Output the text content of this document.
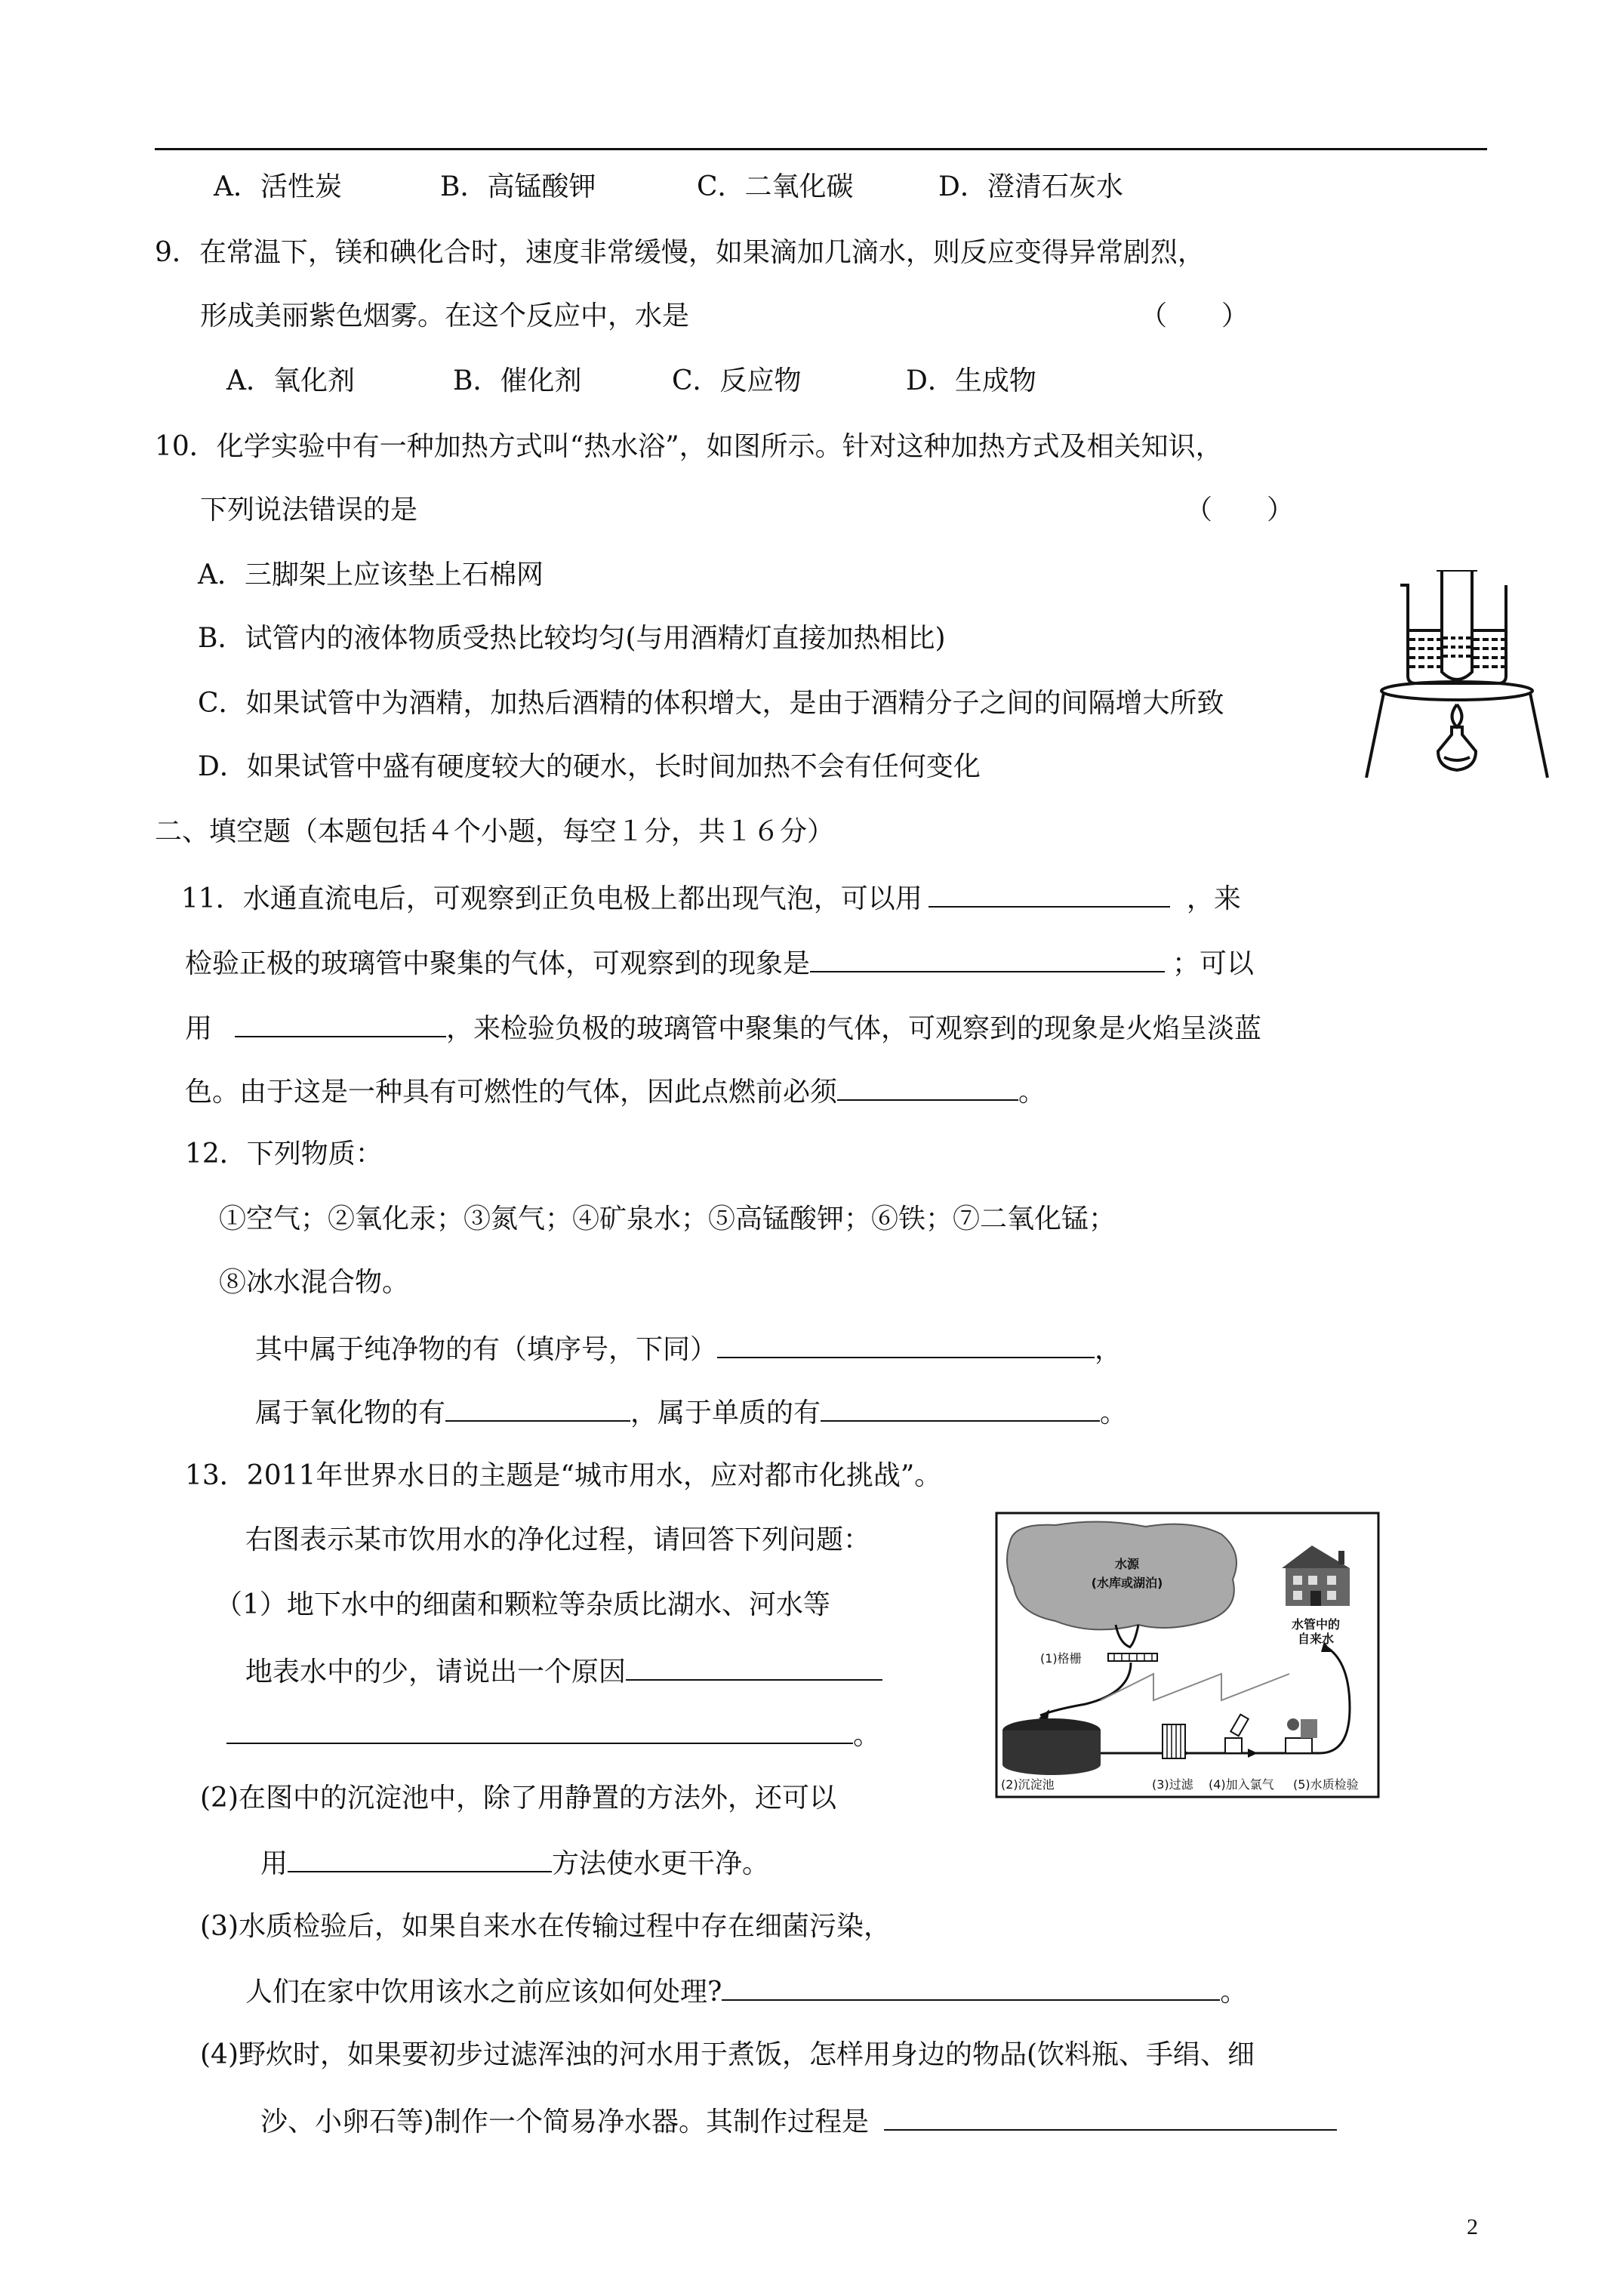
A．活性炭	B．高锰酸钾	C．二氧化碳	D．澄清石灰水
9．在常温下，镁和碘化合时，速度非常缓慢，如果滴加几滴水，则反应变得异常剧烈，
形成美丽紫色烟雾。在这个反应中，水是	（　　）
A．氧化剂	B．催化剂	C．反应物	D．生成物
10．化学实验中有一种加热方式叫“热水浴”，如图所示。针对这种加热方式及相关知识，
下列说法错误的是	（　　）
A．三脚架上应该垫上石棉网
B．试管内的液体物质受热比较均匀(与用酒精灯直接加热相比)
C．如果试管中为酒精，加热后酒精的体积增大，是由于酒精分子之间的间隔增大所致
D．如果试管中盛有硬度较大的硬水，长时间加热不会有任何变化
二、填空题（本题包括４个小题，每空１分，共１６分）
11．水通直流电后，可观察到正负电极上都出现气泡，可以用	，来
检验正极的玻璃管中聚集的气体，可观察到的现象是	；可以
用	，来检验负极的玻璃管中聚集的气体，可观察到的现象是火焰呈淡蓝
色。由于这是一种具有可燃性的气体，因此点燃前必须	。
12．下列物质：
①空气；②氧化汞；③氮气；④矿泉水；⑤高锰酸钾；⑥铁；⑦二氧化锰；
⑧冰水混合物。
其中属于纯净物的有（填序号，下同）	，
属于氧化物的有	，属于单质的有	。
13．2011年世界水日的主题是“城市用水，应对都市化挑战”。
右图表示某市饮用水的净化过程，请回答下列问题：
（1）地下水中的细菌和颗粒等杂质比湖水、河水等
地表水中的少，请说出一个原因
。
(2)在图中的沉淀池中，除了用静置的方法外，还可以
用	方法使水更干净。
(3)水质检验后，如果自来水在传输过程中存在细菌污染，
人们在家中饮用该水之前应该如何处理?	。
(4)野炊时，如果要初步过滤浑浊的河水用于煮饭，怎样用身边的物品(饮料瓶、手绢、细
沙、小卵石等)制作一个简易净水器。其制作过程是
水源
(水库或湖泊)
(1)格栅
水管中的
自来水
(2)沉淀池	(3)过滤 (4)加入氯气 (5)水质检验
2
